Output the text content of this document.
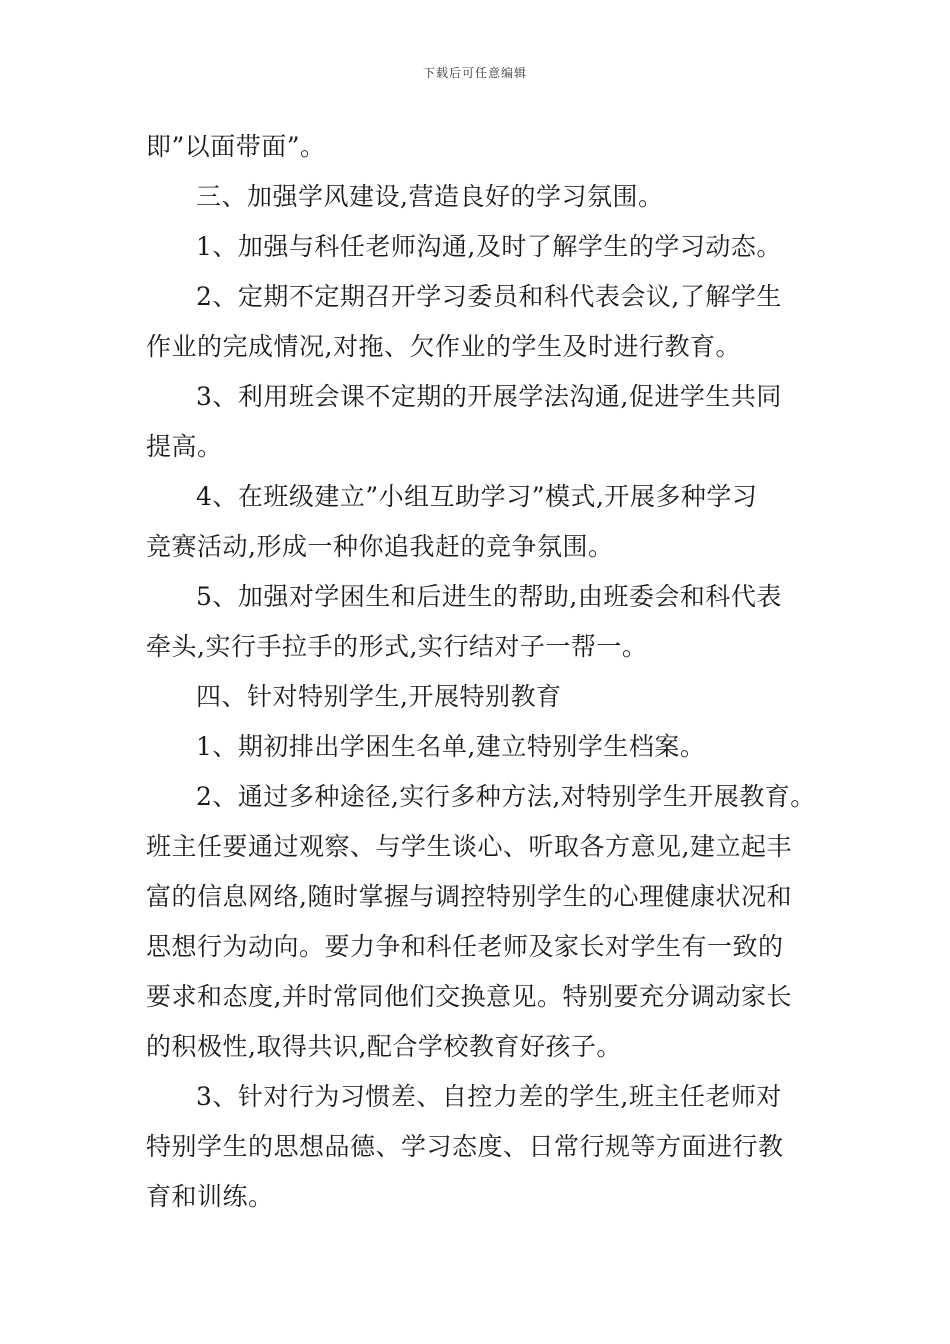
下载后可任意编辑
即”以面带面”。
三、加强学风建设,营造良好的学习氛围。
1、加强与科任老师沟通,及时了解学生的学习动态。
2、定期不定期召开学习委员和科代表会议,了解学生
作业的完成情况,对拖、欠作业的学生及时进行教育。
3、利用班会课不定期的开展学法沟通,促进学生共同
提高。
4、在班级建立”小组互助学习”模式,开展多种学习
竞赛活动,形成一种你追我赶的竞争氛围。
5、加强对学困生和后进生的帮助,由班委会和科代表
牵头,实行手拉手的形式,实行结对子一帮一。
四、针对特别学生,开展特别教育
1、期初排出学困生名单,建立特别学生档案。
2、通过多种途径,实行多种方法,对特别学生开展教育。
班主任要通过观察、与学生谈心、听取各方意见,建立起丰
富的信息网络,随时掌握与调控特别学生的心理健康状况和
思想行为动向。要力争和科任老师及家长对学生有一致的
要求和态度,并时常同他们交换意见。特别要充分调动家长
的积极性,取得共识,配合学校教育好孩子。
3、针对行为习惯差、自控力差的学生,班主任老师对
特别学生的思想品德、学习态度、日常行规等方面进行教
育和训练。
